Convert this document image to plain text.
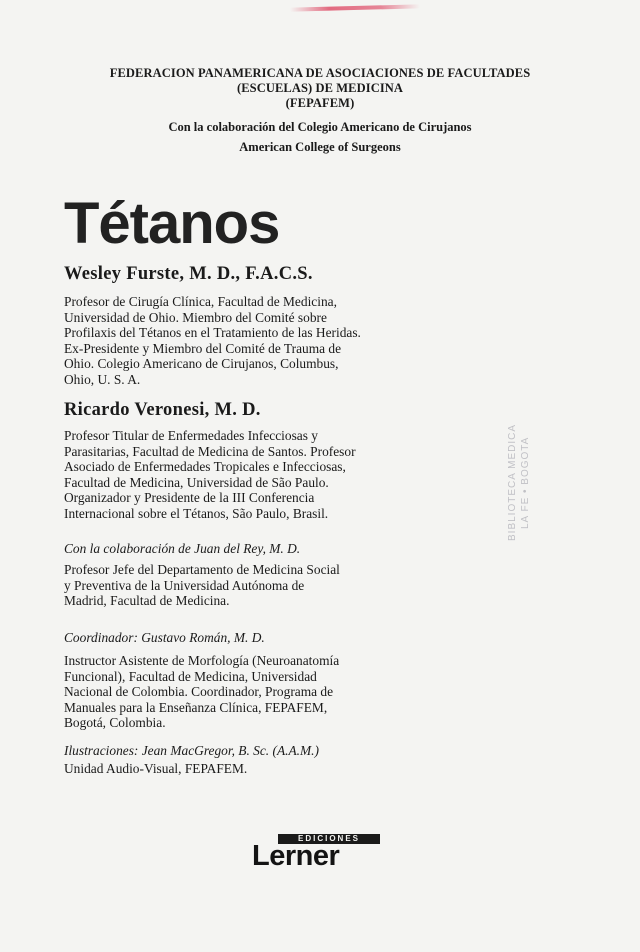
FEDERACION PANAMERICANA DE ASOCIACIONES DE FACULTADES
(ESCUELAS) DE MEDICINA
(FEPAFEM)
Con la colaboración del Colegio Americano de Cirujanos
American College of Surgeons
Tétanos
Wesley Furste, M. D., F.A.C.S.
Profesor de Cirugía Clínica, Facultad de Medicina,
Universidad de Ohio. Miembro del Comité sobre
Profilaxis del Tétanos en el Tratamiento de las Heridas.
Ex-Presidente y Miembro del Comité de Trauma de
Ohio. Colegio Americano de Cirujanos, Columbus,
Ohio, U. S. A.
Ricardo Veronesi, M. D.
Profesor Titular de Enfermedades Infecciosas y
Parasitarias, Facultad de Medicina de Santos. Profesor
Asociado de Enfermedades Tropicales e Infecciosas,
Facultad de Medicina, Universidad de São Paulo.
Organizador y Presidente de la III Conferencia
Internacional sobre el Tétanos, São Paulo, Brasil.
Con la colaboración de Juan del Rey, M. D.
Profesor Jefe del Departamento de Medicina Social
y Preventiva de la Universidad Autónoma de
Madrid, Facultad de Medicina.
Coordinador: Gustavo Román, M. D.
Instructor Asistente de Morfología (Neuroanatomía
Funcional), Facultad de Medicina, Universidad
Nacional de Colombia. Coordinador, Programa de
Manuales para la Enseñanza Clínica, FEPAFEM,
Bogotá, Colombia.
Ilustraciones: Jean MacGregor, B. Sc. (A.A.M.)
Unidad Audio-Visual, FEPAFEM.
BIBLIOTECA MEDICA LA FE • BOGOTA
EDICIONES
Lerner
